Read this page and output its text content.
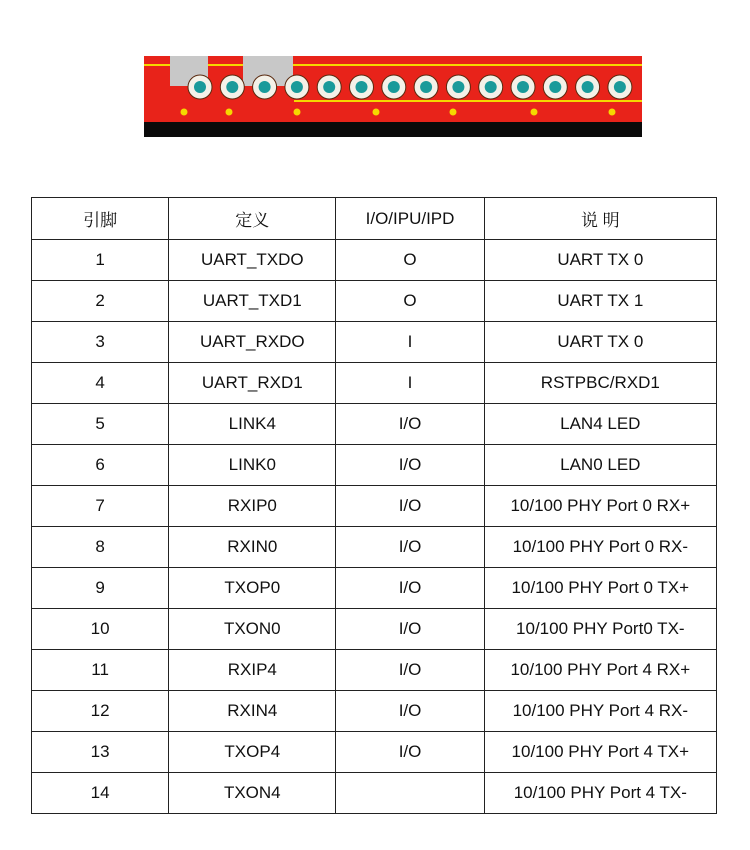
引脚	定义	I/O/IPU/IPD	说 明
1	UART_TXDO	O	UART TX 0
2	UART_TXD1	O	UART TX 1
3	UART_RXDO	I	UART TX 0
4	UART_RXD1	I	RSTPBC/RXD1
5	LINK4	I/O	LAN4 LED
6	LINK0	I/O	LAN0 LED
7	RXIP0	I/O	10/100 PHY Port 0 RX+
8	RXIN0	I/O	10/100 PHY Port 0 RX-
9	TXOP0	I/O	10/100 PHY Port 0 TX+
10	TXON0	I/O	10/100 PHY Port0 TX-
11	RXIP4	I/O	10/100 PHY Port 4 RX+
12	RXIN4	I/O	10/100 PHY Port 4 RX-
13	TXOP4	I/O	10/100 PHY Port 4 TX+
14	TXON4		10/100 PHY Port 4 TX-
